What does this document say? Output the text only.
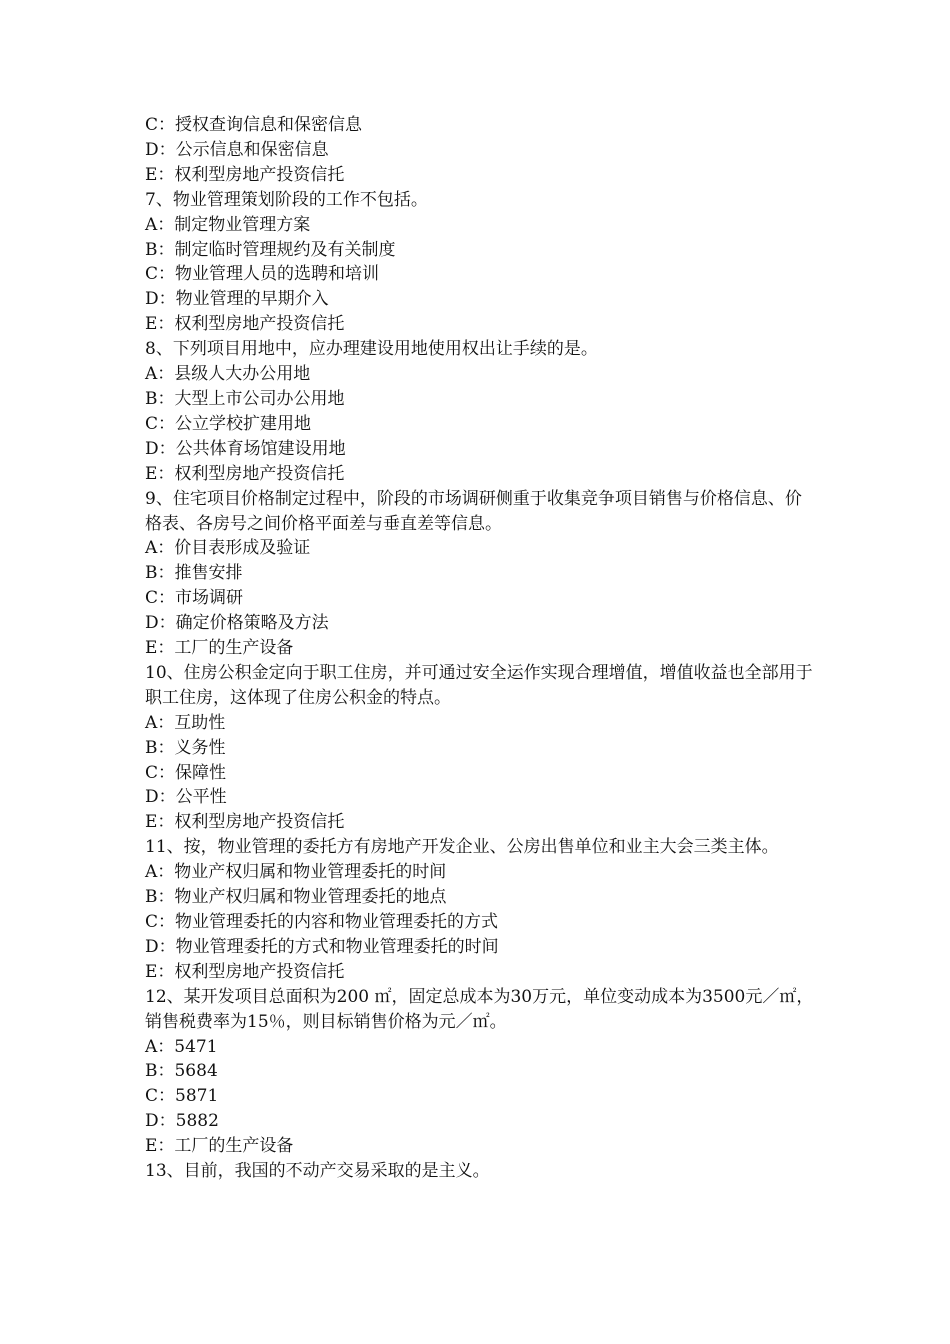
C：授权查询信息和保密信息

D：公示信息和保密信息

E：权利型房地产投资信托

7、物业管理策划阶段的工作不包括。

A：制定物业管理方案

B：制定临时管理规约及有关制度

C：物业管理人员的选聘和培训

D：物业管理的早期介入

E：权利型房地产投资信托

8、下列项目用地中，应办理建设用地使用权出让手续的是。

A：县级人大办公用地

B：大型上市公司办公用地

C：公立学校扩建用地

D：公共体育场馆建设用地

E：权利型房地产投资信托

9、住宅项目价格制定过程中，阶段的市场调研侧重于收集竞争项目销售与价格信息、价格表、各房号之间价格平面差与垂直差等信息。

A：价目表形成及验证

B：推售安排

C：市场调研

D：确定价格策略及方法

E：工厂的生产设备

10、住房公积金定向于职工住房，并可通过安全运作实现合理增值，增值收益也全部用于职工住房，这体现了住房公积金的特点。

A：互助性

B：义务性

C：保障性

D：公平性

E：权利型房地产投资信托

11、按，物业管理的委托方有房地产开发企业、公房出售单位和业主大会三类主体。

A：物业产权归属和物业管理委托的时间

B：物业产权归属和物业管理委托的地点

C：物业管理委托的内容和物业管理委托的方式

D：物业管理委托的方式和物业管理委托的时间

E：权利型房地产投资信托

12、某开发项目总面积为200 ㎡，固定总成本为30万元，单位变动成本为3500元／㎡，销售税费率为15％，则目标销售价格为元／㎡。

A：5471

B：5684

C：5871

D：5882

E：工厂的生产设备

13、目前，我国的不动产交易采取的是主义。
